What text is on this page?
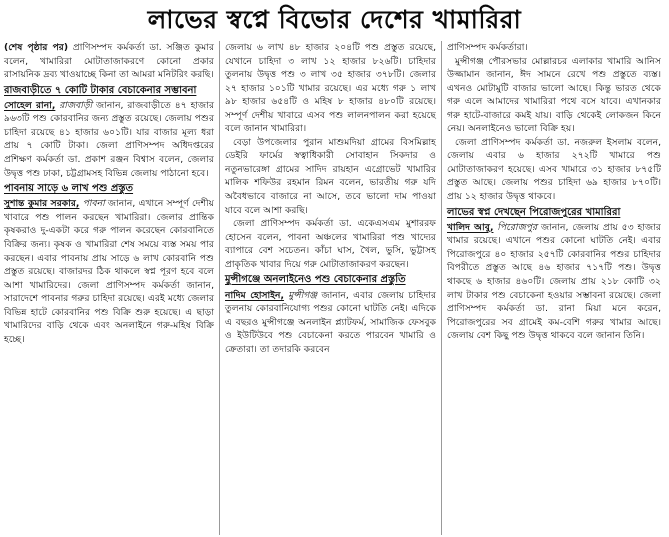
লাভের স্বপ্নে বিভোর দেশের খামারিরা

(শেষ পৃষ্ঠার পর) প্রাণিসম্পদ কর্মকর্তা ডা. সঞ্জিত কুমার বলেন, খামারিরা মোটাতাজাকরণে কোনো প্রকার রাসায়নিক দ্রব্য খাওয়াচ্ছে কিনা তা আমরা মনিটরিং করছি।

রাজবাড়ীতে ৭ কোটি টাকার বেচাকেনার সম্ভাবনা

সোহেল রানা, রাজবাড়ী জানান, রাজবাড়ীতে ৪৭ হাজার ৯৬৩টি পশু কোরবানির জন্য প্রস্তুত রয়েছে। জেলায় পশুর চাহিদা রয়েছে ৪১ হাজার ৬০১টি। যার বাজার মূল্য ধরা প্রায় ৭ কোটি টাকা। জেলা প্রাণিসম্পদ অধিদপ্তরের প্রশিক্ষণ কর্মকর্তা ডা. প্রকাশ রঞ্জন বিশ্বাস বলেন, জেলার উদ্বৃত্ত পশু ঢাকা, চট্টগ্রামসহ বিভিন্ন জেলায় পাঠানো হবে।

পাবনায় সাড়ে ৬ লাখ পশু প্রস্তুত

সুশান্ত কুমার সরকার, পাবনা জানান, এখানে সম্পূর্ণ দেশীয় খাবারে পশু পালন করছেন খামারিরা। জেলার প্রান্তিক কৃষকরাও দু-একটা করে গরু পালন করেছেন কোরবানিতে বিক্রির জন্য। কৃষক ও খামারিরা শেষ সময়ে ব্যস্ত সময় পার করছেন। এবার পাবনায় প্রায় সাড়ে ৬ লাখ কোরবানি পশু প্রস্তুত রয়েছে। বাজারদর ঠিক থাকলে স্বপ্ন পূরণ হবে বলে আশা খামারিদের। জেলা প্রাণিসম্পদ কর্মকর্তা জানান, সারাদেশে পাবনার গরুর চাহিদা রয়েছে। এরই মধ্যে জেলার বিভিন্ন হাটে কোরবানির পশু বিক্রি শুরু হয়েছে। এ ছাড়া খামারিদের বাড়ি থেকে এবং অনলাইনে গরু-মহিষ বিক্রি হচ্ছে।

জেলায় ৬ লাখ ৪৮ হাজার ২০৪টি পশু প্রস্তুত রয়েছে, যেখানে চাহিদা ৩ লাখ ১২ হাজার ৮২৬টি। চাহিদার তুলনায় উদ্বৃত্ত পশু ৩ লাখ ৩৫ হাজার ৩৭৮টি। জেলার ২৭ হাজার ১০১টি খামার রয়েছে। এর মধ্যে গরু ১ লাখ ৯৮ হাজার ৬৫৪টি ও মহিষ ৮ হাজার ৪৮০টি রয়েছে। সম্পূর্ণ দেশীয় খাবারে এসব পশু লালনপালন করা হয়েছে বলে জানান খামারিরা।

বেড়া উপজেলার পুরান মাশুমদিয়া গ্রামের বিসমিল্লাহ ডেইরি ফার্মের স্বত্বাধিকারী সোবাহান সিকদার ও নতুনভারেঙ্গা গ্রামের সাদিদ রায়হান এগ্রোভেট খামারির মালিক শফিউর রহমান রিমন বলেন, ভারতীয় গরু যদি অবৈধভাবে বাজারে না আসে, তবে ভালো দাম পাওয়া যাবে বলে আশা করছি।

জেলা প্রাণিসম্পদ কর্মকর্তা ডা. একেএসএম মুশাররফ হোসেন বলেন, পাবনা অঞ্চলের খামারিরা পশু খাদ্যের ব্যাপারে বেশ সচেতন। কাঁচা ঘাস, খৈল, ভুসি, ভুট্টাসহ প্রাকৃতিক খাবার দিয়ে গরু মোটাতাজাকরণ করছেন।

মুন্সীগঞ্জে অনলাইনেও পশু বেচাকেনার প্রস্তুতি

নাদিম হোসাইন, মুন্সীগঞ্জ জানান, এবার জেলায় চাহিদার তুলনায় কোরবানিযোগ্য পশুর কোনো ঘাটতি নেই। এদিকে এ বছরও মুন্সীগঞ্জে অনলাইন প্ল্যাটফর্ম, সামাজিক ফেসবুক ও ইউটিউবে পশু বেচাকেনা করতে পারবেন খামারি ও ক্রেতারা। তা তদারকি করবেন

প্রাণিসম্পদ কর্মকর্তারা।

মুন্সীগঞ্জ পৌরসভার মোল্লারচর এলাকার খামারি আনিস উজ্জামান জানান, ঈদ সামনে রেখে পশু প্রস্তুতে ব্যস্ত। এখনও মোটামুটি বাজার ভালো আছে। কিন্তু ভারত থেকে গরু এলে আমাদের খামারিরা পথে বসে যাবে। এখানকার গরু হাটে-বাজারে কমই যায়। বাড়ি থেকেই লোকজন কিনে নেয়। অনলাইনেও ভালো বিক্রি হয়।

জেলা প্রাণিসম্পদ কর্মকর্তা ডা. নজরুল ইসলাম বলেন, জেলায় এবার ৬ হাজার ২৭২টি খামারে পশু মোটাতাজাকরণ হয়েছে। এসব খামারে ৩১ হাজার ৮৭৫টি প্রস্তুত আছে। জেলায় পশুর চাহিদা ৬৯ হাজার ৮৭০টি। প্রায় ১২ হাজার উদ্বৃত্ত থাকবে।

লাভের স্বপ্ন দেখছেন পিরোজপুরের খামারিরা

খালিদ আবু, পিরোজপুর জানান, জেলায় প্রায় ৫৩ হাজার খামার রয়েছে। এখানে পশুর কোনো ঘাটতি নেই। এবার পিরোজপুরে ৪০ হাজার ২৫৭টি কোরবানির পশুর চাহিদার বিপরীতে প্রস্তুত আছে ৪৬ হাজার ৭১৭টি পশু। উদ্বৃত্ত থাকছে ৬ হাজার ৪৬০টি। জেলায় প্রায় ২১৮ কোটি ৩২ লাখ টাকার পশু বেচাকেনা হওয়ার সম্ভাবনা রয়েছে। জেলা প্রাণিসম্পদ কর্মকর্তা ডা. রানা মিয়া মনে করেন, পিরোজপুরের সব গ্রামেই কম-বেশি গরুর খামার আছে। জেলায় বেশ কিছু পশু উদ্বৃত্ত থাকবে বলে জানান তিনি।
